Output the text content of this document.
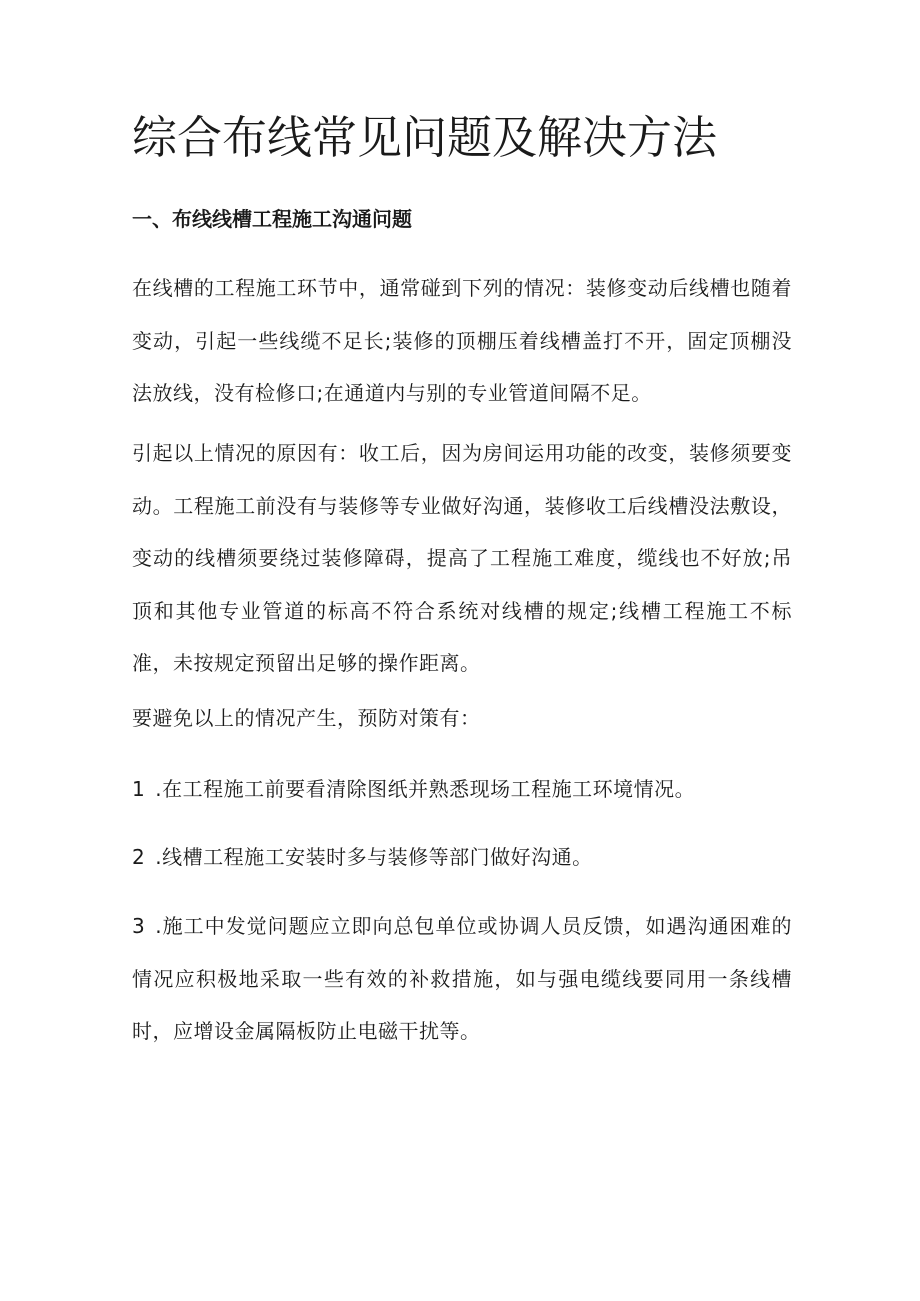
综合布线常见问题及解决方法
一、布线线槽工程施工沟通问题

在线槽的工程施工环节中，通常碰到下列的情况：装修变动后线槽也随着变动，引起一些线缆不足长;装修的顶棚压着线槽盖打不开，固定顶棚没法放线，没有检修口;在通道内与别的专业管道间隔不足。

引起以上情况的原因有：收工后，因为房间运用功能的改变，装修须要变动。工程施工前没有与装修等专业做好沟通，装修收工后线槽没法敷设，变动的线槽须要绕过装修障碍，提高了工程施工难度，缆线也不好放;吊顶和其他专业管道的标高不符合系统对线槽的规定;线槽工程施工不标准，未按规定预留出足够的操作距离。

要避免以上的情况产生，预防对策有：

1 .在工程施工前要看清除图纸并熟悉现场工程施工环境情况。

2 .线槽工程施工安装时多与装修等部门做好沟通。

3 .施工中发觉问题应立即向总包单位或协调人员反馈，如遇沟通困难的情况应积极地采取一些有效的补救措施，如与强电缆线要同用一条线槽时，应增设金属隔板防止电磁干扰等。
